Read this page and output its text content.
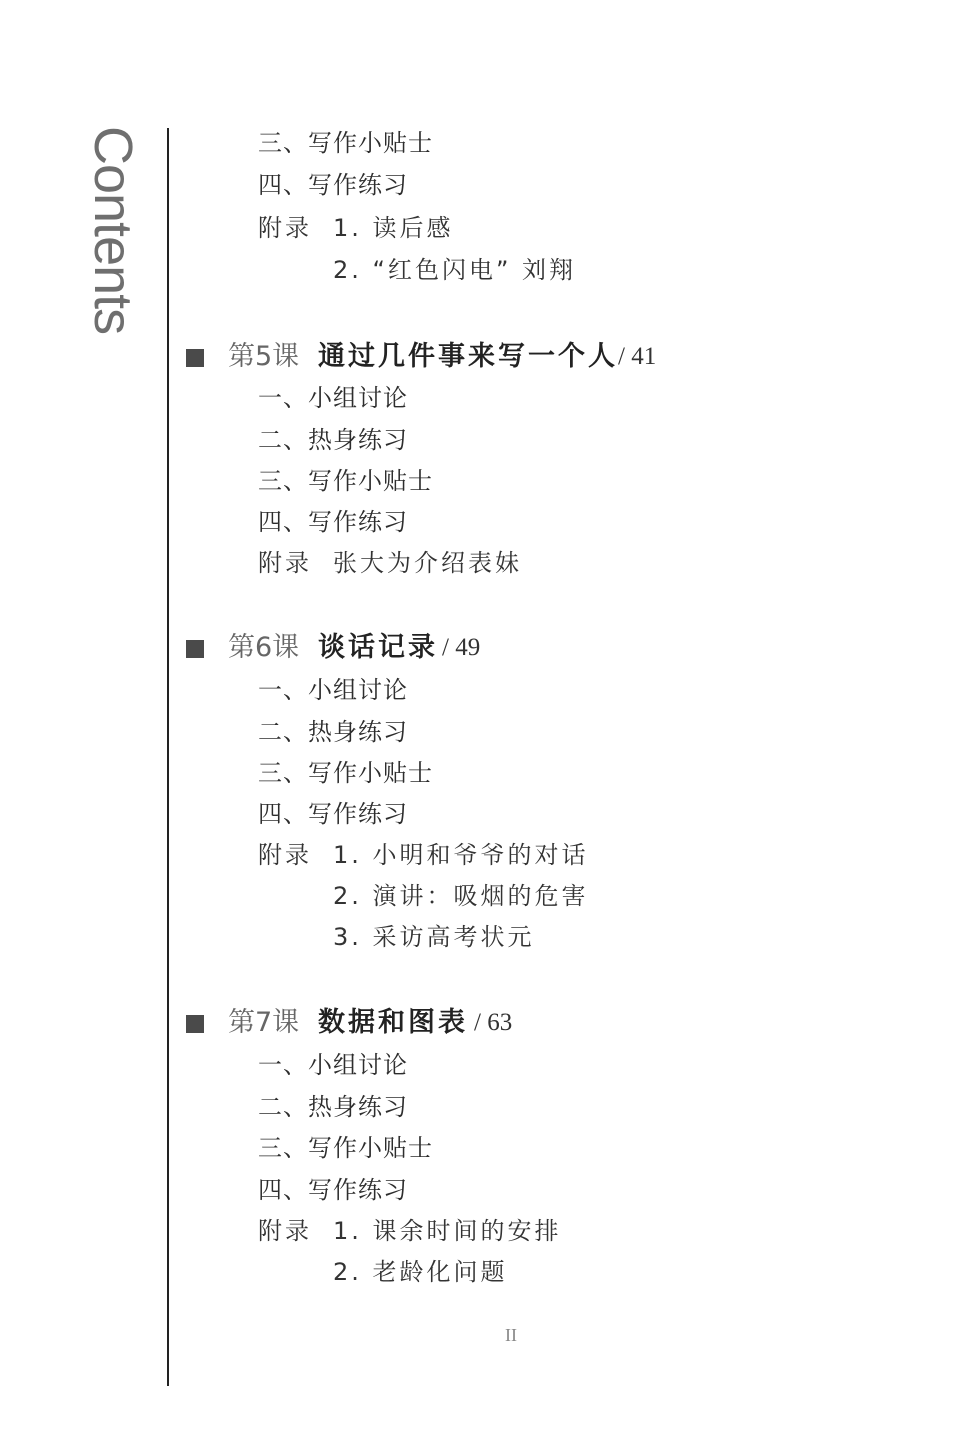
Contents	三、写作小贴士
四、写作练习
附录 1. 读后感
2. “红色闪电” 刘翔
第5课 通过几件事来写一个人 / 41
一、小组讨论
二、热身练习
三、写作小贴士
四、写作练习
附录 张大为介绍表妹
第6课 谈话记录 / 49
一、小组讨论
二、热身练习
三、写作小贴士
四、写作练习
附录 1. 小明和爷爷的对话
2. 演讲：吸烟的危害
3. 采访高考状元
第7课 数据和图表 / 63
一、小组讨论
二、热身练习
三、写作小贴士
四、写作练习
附录 1. 课余时间的安排
2. 老龄化问题
II
